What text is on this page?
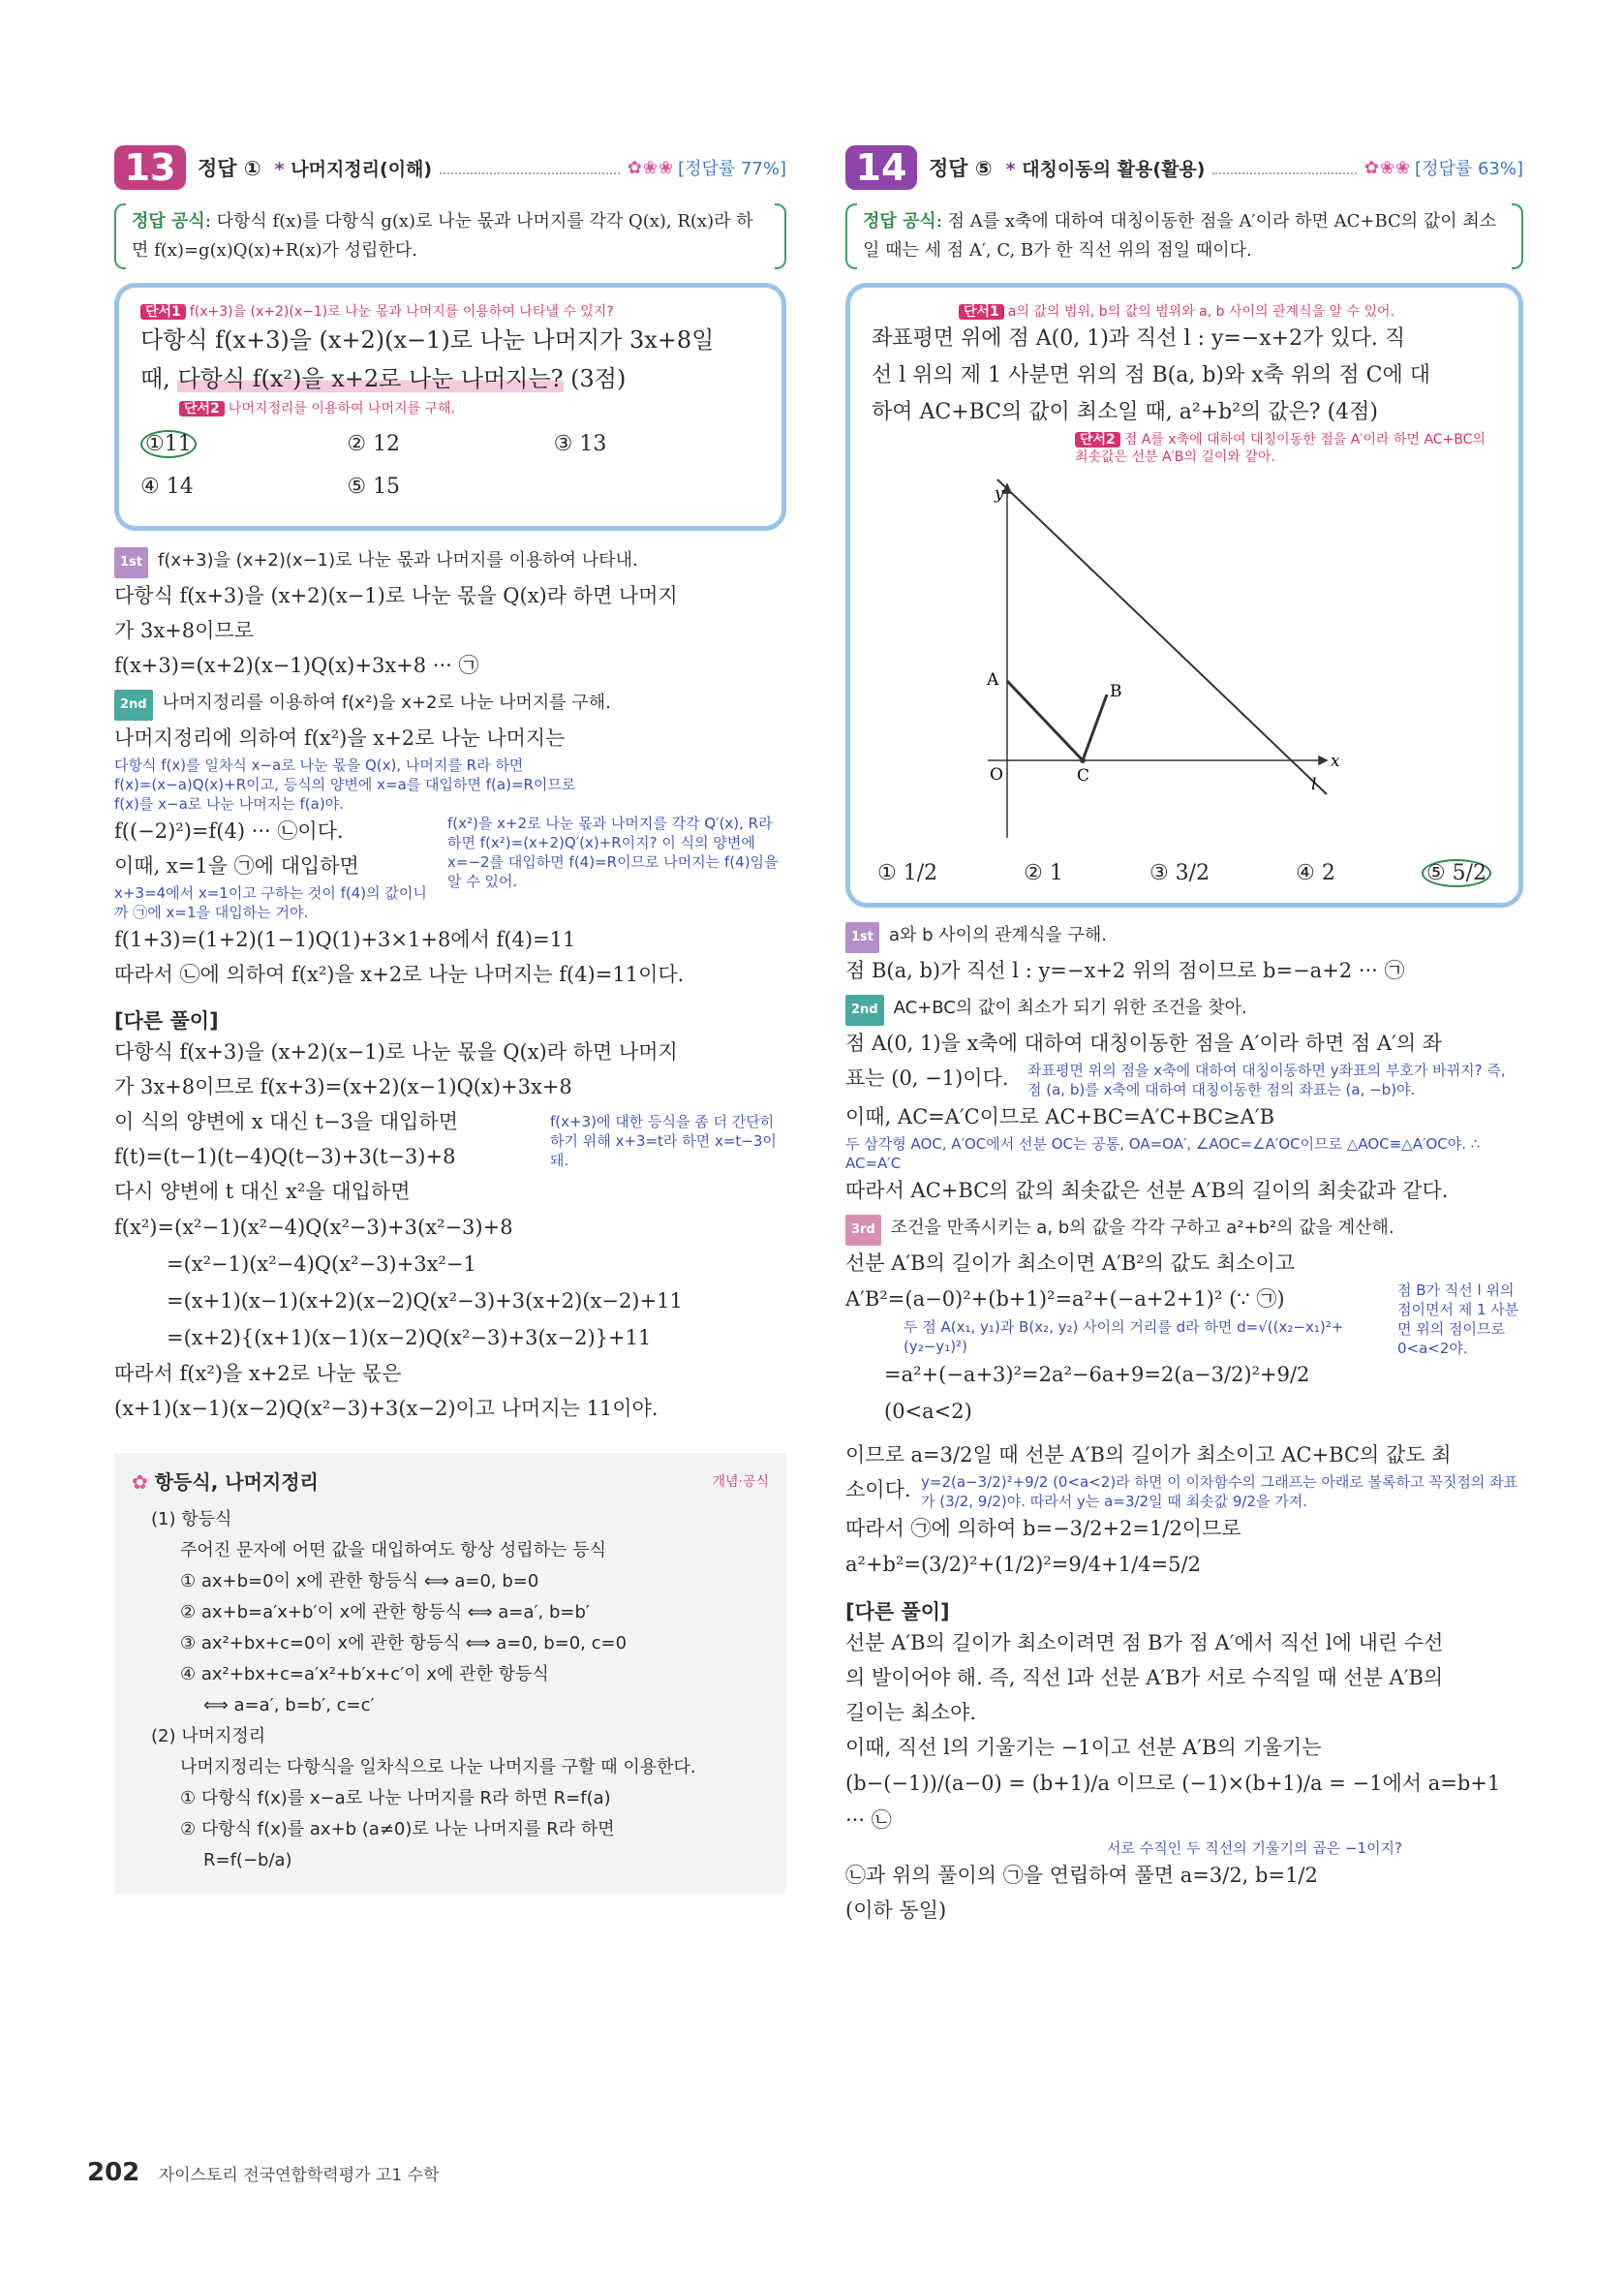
13	정답 ① * 나머지정리(이해)	✿❀❀ [정답률 77%]
정답 공식: 다항식 f(x)를 다항식 g(x)로 나눈 몫과 나머지를 각각 Q(x), R(x)라 하면 f(x)=g(x)Q(x)+R(x)가 성립한다.
단서1 f(x+3)을 (x+2)(x−1)로 나눈 몫과 나머지를 이용하여 나타낼 수 있지?
다항식 f(x+3)을 (x+2)(x−1)로 나눈 나머지가 3x+8일
때, 다항식 f(x²)을 x+2로 나눈 나머지는? (3점)
단서2 나머지정리를 이용하여 나머지를 구해.
①11	② 12	③ 13
④ 14	⑤ 15
1st f(x+3)을 (x+2)(x−1)로 나눈 몫과 나머지를 이용하여 나타내.
다항식 f(x+3)을 (x+2)(x−1)로 나눈 몫을 Q(x)라 하면 나머지
가 3x+8이므로
f(x+3)=(x+2)(x−1)Q(x)+3x+8 ··· ㉠
2nd 나머지정리를 이용하여 f(x²)을 x+2로 나눈 나머지를 구해.
나머지정리에 의하여 f(x²)을 x+2로 나눈 나머지는
다항식 f(x)를 일차식 x−a로 나눈 몫을 Q(x), 나머지를 R라 하면
f(x)=(x−a)Q(x)+R이고, 등식의 양변에 x=a를 대입하면 f(a)=R이므로
f(x)를 x−a로 나눈 나머지는 f(a)야.
f((−2)²)=f(4) ··· ㉡이다.
이때, x=1을 ㉠에 대입하면
x+3=4에서 x=1이고 구하는 것이 f(4)의 값이니까 ㉠에 x=1을 대입하는 거야.
f(x²)을 x+2로 나눈 몫과 나머지를 각각 Q′(x), R라 하면 f(x²)=(x+2)Q′(x)+R이지? 이 식의 양변에 x=−2를 대입하면 f(4)=R이므로 나머지는 f(4)임을 알 수 있어.
f(1+3)=(1+2)(1−1)Q(1)+3×1+8에서 f(4)=11
따라서 ㉡에 의하여 f(x²)을 x+2로 나눈 나머지는 f(4)=11이다.
[다른 풀이]
다항식 f(x+3)을 (x+2)(x−1)로 나눈 몫을 Q(x)라 하면 나머지
가 3x+8이므로 f(x+3)=(x+2)(x−1)Q(x)+3x+8
이 식의 양변에 x 대신 t−3을 대입하면
f(t)=(t−1)(t−4)Q(t−3)+3(t−3)+8
f(x+3)에 대한 등식을 좀 더 간단히 하기 위해 x+3=t라 하면 x=t−3이 돼.
다시 양변에 t 대신 x²을 대입하면
f(x²)=(x²−1)(x²−4)Q(x²−3)+3(x²−3)+8
=(x²−1)(x²−4)Q(x²−3)+3x²−1
=(x+1)(x−1)(x+2)(x−2)Q(x²−3)+3(x+2)(x−2)+11
=(x+2){(x+1)(x−1)(x−2)Q(x²−3)+3(x−2)}+11
따라서 f(x²)을 x+2로 나눈 몫은
(x+1)(x−1)(x−2)Q(x²−3)+3(x−2)이고 나머지는 11이야.
✿ 항등식, 나머지정리	개념·공식
(1) 항등식
주어진 문자에 어떤 값을 대입하여도 항상 성립하는 등식
① ax+b=0이 x에 관한 항등식 ⟺ a=0, b=0
② ax+b=a′x+b′이 x에 관한 항등식 ⟺ a=a′, b=b′
③ ax²+bx+c=0이 x에 관한 항등식 ⟺ a=0, b=0, c=0
④ ax²+bx+c=a′x²+b′x+c′이 x에 관한 항등식
⟺ a=a′, b=b′, c=c′
(2) 나머지정리
나머지정리는 다항식을 일차식으로 나눈 나머지를 구할 때 이용한다.
① 다항식 f(x)를 x−a로 나눈 나머지를 R라 하면 R=f(a)
② 다항식 f(x)를 ax+b (a≠0)로 나눈 나머지를 R라 하면
R=f(−b/a)
14	정답 ⑤ * 대칭이동의 활용(활용)	✿❀❀ [정답률 63%]
정답 공식: 점 A를 x축에 대하여 대칭이동한 점을 A′이라 하면 AC+BC의 값이 최소일 때는 세 점 A′, C, B가 한 직선 위의 점일 때이다.
단서1 a의 값의 범위, b의 값의 범위와 a, b 사이의 관계식을 알 수 있어.
좌표평면 위에 점 A(0, 1)과 직선 l : y=−x+2가 있다. 직
선 l 위의 제 1 사분면 위의 점 B(a, b)와 x축 위의 점 C에 대
하여 AC+BC의 값이 최소일 때, a²+b²의 값은? (4점)
단서2 점 A를 x축에 대하여 대칭이동한 점을 A′이라 하면 AC+BC의 최솟값은 선분 A′B의 길이와 같아.
y
x
O
A
B
C	l
① 1/2	② 1	③ 3/2	④ 2	⑤ 5/2
1st a와 b 사이의 관계식을 구해.
점 B(a, b)가 직선 l : y=−x+2 위의 점이므로 b=−a+2 ··· ㉠
2nd AC+BC의 값이 최소가 되기 위한 조건을 찾아.
점 A(0, 1)을 x축에 대하여 대칭이동한 점을 A′이라 하면 점 A′의 좌
표는 (0, −1)이다.	좌표평면 위의 점을 x축에 대하여 대칭이동하면 y좌표의 부호가 바뀌지? 즉, 점 (a, b)를 x축에 대하여 대칭이동한 점의 좌표는 (a, −b)야.
이때, AC=A′C이므로 AC+BC=A′C+BC≥A′B
두 삼각형 AOC, A′OC에서 선분 OC는 공통, OA=OA′, ∠AOC=∠A′OC이므로 △AOC≡△A′OC야. ∴ AC=A′C
따라서 AC+BC의 값의 최솟값은 선분 A′B의 길이의 최솟값과 같다.
3rd 조건을 만족시키는 a, b의 값을 각각 구하고 a²+b²의 값을 계산해.
선분 A′B의 길이가 최소이면 A′B²의 값도 최소이고
A′B²=(a−0)²+(b+1)²=a²+(−a+2+1)² (∵ ㉠)
두 점 A(x₁, y₁)과 B(x₂, y₂) 사이의 거리를 d라 하면 d=√((x₂−x₁)²+(y₂−y₁)²)
=a²+(−a+3)²=2a²−6a+9=2(a−3/2)²+9/2 (0<a<2)
점 B가 직선 l 위의 점이면서 제 1 사분면 위의 점이므로 0<a<2야.
이므로 a=3/2일 때 선분 A′B의 길이가 최소이고 AC+BC의 값도 최
소이다. y=2(a−3/2)²+9/2 (0<a<2)라 하면 이 이차함수의 그래프는 아래로 볼록하고 꼭짓점의 좌표가 (3/2, 9/2)야. 따라서 y는 a=3/2일 때 최솟값 9/2을 가져.
따라서 ㉠에 의하여 b=−3/2+2=1/2이므로
a²+b²=(3/2)²+(1/2)²=9/4+1/4=5/2
[다른 풀이]
선분 A′B의 길이가 최소이려면 점 B가 점 A′에서 직선 l에 내린 수선
의 발이어야 해. 즉, 직선 l과 선분 A′B가 서로 수직일 때 선분 A′B의
길이는 최소야.
이때, 직선 l의 기울기는 −1이고 선분 A′B의 기울기는
(b−(−1))/(a−0) = (b+1)/a 이므로 (−1)×(b+1)/a = −1에서 a=b+1 ··· ㉡
서로 수직인 두 직선의 기울기의 곱은 −1이지?
㉡과 위의 풀이의 ㉠을 연립하여 풀면 a=3/2, b=1/2
(이하 동일)
202 자이스토리 전국연합학력평가 고1 수학
